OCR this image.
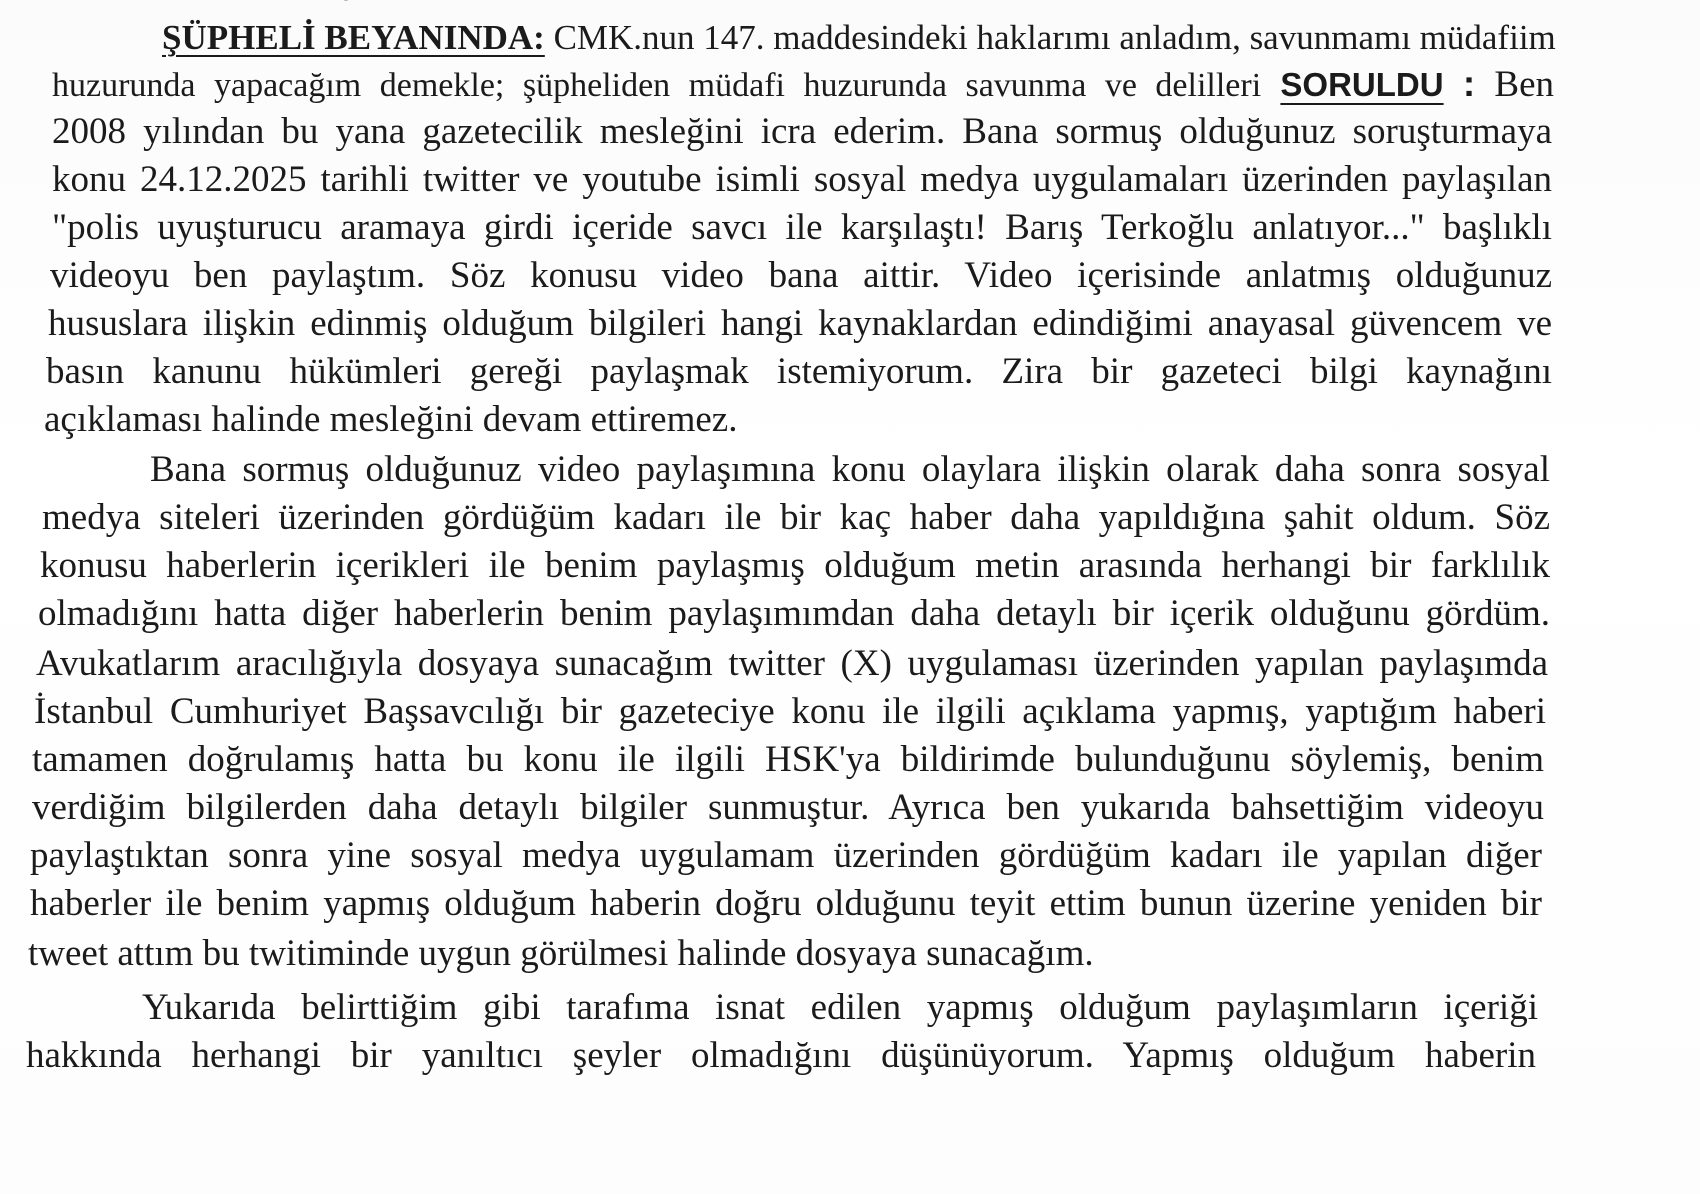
ŞÜPHELİ BEYANINDA: CMK.nun 147. maddesindeki haklarımı anladım, savunmamı müdafiim
huzurunda yapacağım demekle; şüpheliden müdafi huzurunda savunma ve delilleri SORULDU : Ben
2008 yılından bu yana gazetecilik mesleğini icra ederim. Bana sormuş olduğunuz soruşturmaya
konu 24.12.2025 tarihli twitter ve youtube isimli sosyal medya uygulamaları üzerinden paylaşılan
"polis uyuşturucu aramaya girdi içeride savcı ile karşılaştı! Barış Terkoğlu anlatıyor..." başlıklı
videoyu ben paylaştım. Söz konusu video bana aittir. Video içerisinde anlatmış olduğunuz
hususlara ilişkin edinmiş olduğum bilgileri hangi kaynaklardan edindiğimi anayasal güvencem ve
basın kanunu hükümleri gereği paylaşmak istemiyorum. Zira bir gazeteci bilgi kaynağını
açıklaması halinde mesleğini devam ettiremez.
Bana sormuş olduğunuz video paylaşımına konu olaylara ilişkin olarak daha sonra sosyal
medya siteleri üzerinden gördüğüm kadarı ile bir kaç haber daha yapıldığına şahit oldum. Söz
konusu haberlerin içerikleri ile benim paylaşmış olduğum metin arasında herhangi bir farklılık
olmadığını hatta diğer haberlerin benim paylaşımımdan daha detaylı bir içerik olduğunu gördüm.
Avukatlarım aracılığıyla dosyaya sunacağım twitter (X) uygulaması üzerinden yapılan paylaşımda
İstanbul Cumhuriyet Başsavcılığı bir gazeteciye konu ile ilgili açıklama yapmış, yaptığım haberi
tamamen doğrulamış hatta bu konu ile ilgili HSK'ya bildirimde bulunduğunu söylemiş, benim
verdiğim bilgilerden daha detaylı bilgiler sunmuştur. Ayrıca ben yukarıda bahsettiğim videoyu
paylaştıktan sonra yine sosyal medya uygulamam üzerinden gördüğüm kadarı ile yapılan diğer
haberler ile benim yapmış olduğum haberin doğru olduğunu teyit ettim bunun üzerine yeniden bir
tweet attım bu twitiminde uygun görülmesi halinde dosyaya sunacağım.
Yukarıda belirttiğim gibi tarafıma isnat edilen yapmış olduğum paylaşımların içeriği
hakkında herhangi bir yanıltıcı şeyler olmadığını düşünüyorum. Yapmış olduğum haberin
